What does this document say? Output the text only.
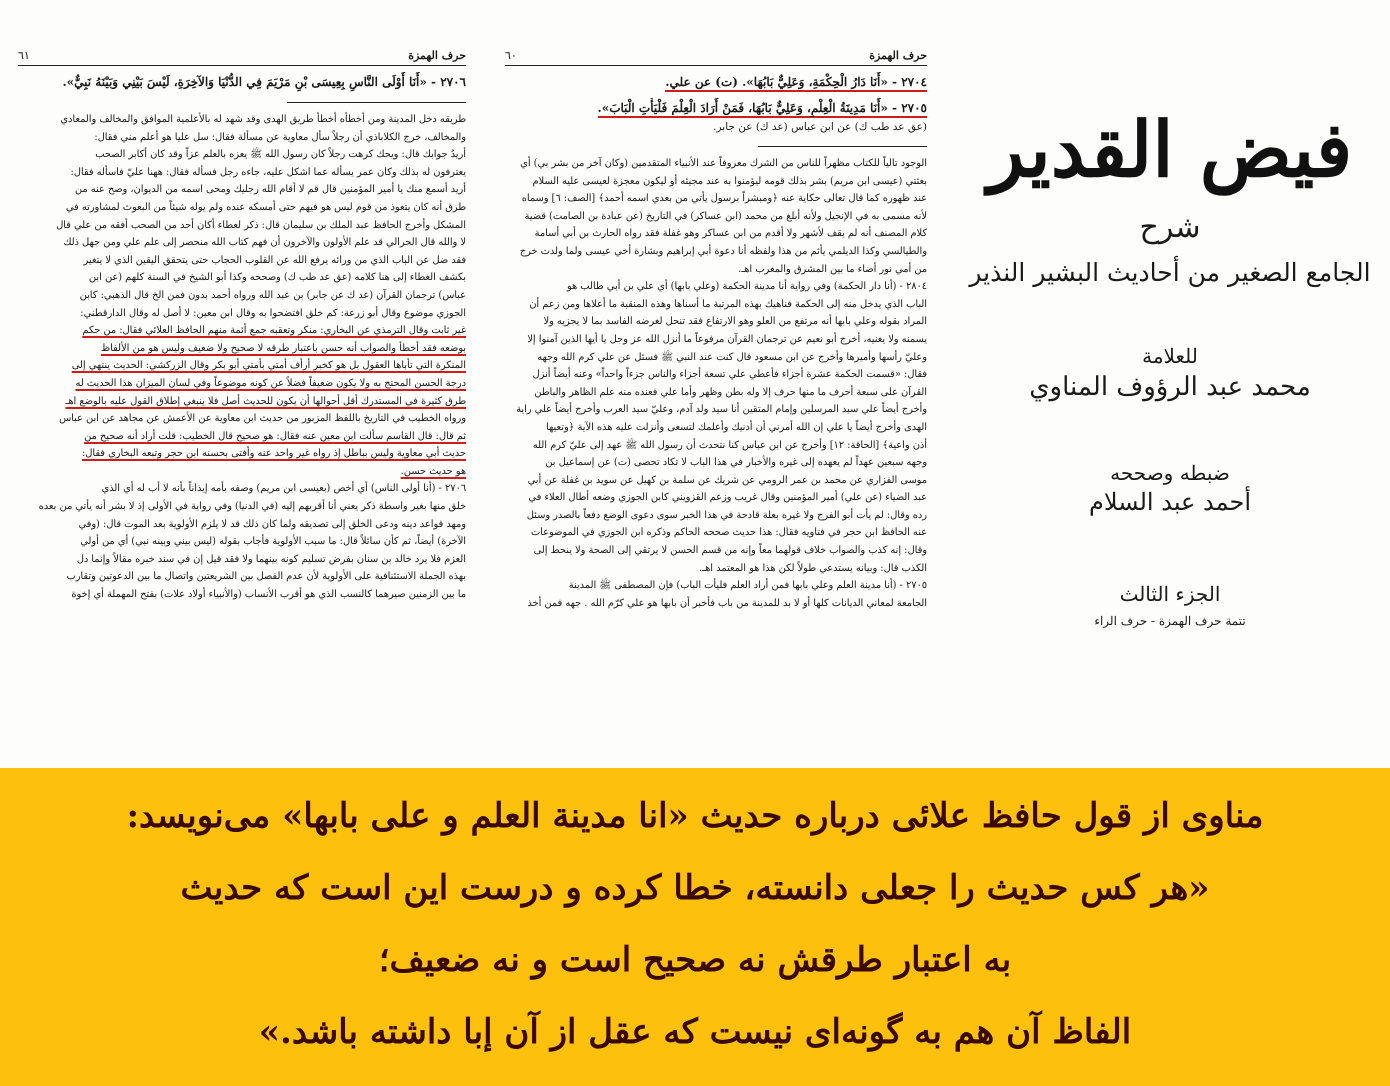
حرف الهمزة
٦١
٢٧٠٦ - «أَنَا أَوْلَى النَّاسِ بِعِيسَى بْنِ مَرْيَمَ فِي الدُّنْيَا وَالآخِرَةِ، لَيْسَ بَيْنِي وَبَيْنَهُ نَبِيٌّ».
طريقه دخل المدينة ومن أخطأه أخطأ طريق الهدى وقد شهد له بالأعلمية الموافق والمخالف والمعادي
والمخالف، خرج الكلاباذي أن رجلاً سأل معاوية عن مسألة فقال: سل عليا هو أعلم مني فقال:
أريدُ جوابك قال: ويحك كرهت رجلاً كان رسول الله ﷺ يعزه بالعلم عزاً وقد كان أكابر الصحب
يعترفون له بذلك وكان عمر يسأله عما اشكل عليه، جاءه رجل فسأله فقال: ههنا عليّ فاسأله فقال:
أريد أسمع منك يا أمير المؤمنين قال قم لا أقام الله رجليك ومحى اسمه من الديوان، وصح عنه من
طرق أنه كان يتعوذ من قوم ليس هو فيهم حتى أمسكه عنده ولم يوله شيئاً من البعوث لمشاورته في
المشكل وأخرج الحافظ عبد الملك بن سليمان قال: ذكر لعطاء أكان أحد من الصحب أفقه من علي قال
لا والله قال الحرالي قد علم الأولون والآخرون أن فهم كتاب الله منحصر إلى علم علي ومن جهل ذلك
فقد ضل عن الباب الذي من ورائه يرفع الله عن القلوب الحجاب حتى يتحقق اليقين الذي لا يتغير
بكشف الغطاء إلى هنا كلامه (عق عد طب ك) وصححه وكذا أبو الشيخ في السنة كلهم (عن ابن
عباس) ترجمان القرآن (عد ك عن جابر) بن عبد الله ورواه أحمد بدون فمن الخ قال الذهبي: كابن
الجوزي موضوع وقال أبو زرعة: كم خلق افتضحوا به وقال ابن معين: لا أصل له وقال الدارقطني:
غير ثابت وقال الترمذي عن البخاري: منكر وتعقبه جمع أئمة منهم الحافظ العلائي فقال: من حكم
بوضعه فقد أخطأ والصواب أنه حسن باعتبار طرقه لا صحيح ولا ضعيف وليس هو من الألفاظ
المنكرة التي تأباها العقول بل هو كخبر أرأف أمتي بأمتي أبو بكر وقال الزركشي: الحديث ينتهي إلى
درجة الحسن المحتج به ولا يكون ضعيفاً فضلاً عن كونه موضوعاً وفي لسان الميزان هذا الحديث له
طرق كثيرة في المستدرك أقل أحوالها أن يكون للحديث أصل فلا ينبغي إطلاق القول عليه بالوضع اهـ
ورواه الخطيب في التاريخ باللفظ المزبور من حديث ابن معاوية عن الأعمش عن مجاهد عن ابن عباس
ثم قال: قال القاسم سألت ابن معين عنه فقال: هو صحيح قال الخطيب: قلت أراد أنه صحيح من
حديث أبي معاوية وليس بباطل إذ رواه غير واحد عنه وأفتى بحسنه ابن حجر وتبعه البخاري فقال:
هو حديث حسن.
٢٧٠٦ - (أنا أولى الناس) أي أخص (بعيسى ابن مريم) وصفه بأمه إيذاناً بأنه لا أب له أي الذي
خلق منها بغير واسطة ذكر يعني أنا أقربهم إليه (في الدنيا) وفي رواية في الأولى إذ لا بشر أنه يأتي من بعده
ومهد قواعد دينه ودعى الخلق إلى تصديقه ولما كان ذلك قد لا يلزم الأولوية بعد الموت قال: (وفي
الآخرة) أيضاً، ثم كأن سائلاً قال: ما سبب الأولوية فأجاب بقوله (ليس بيني وبينه نبي) أي من أولي
العزم فلا يرد خالد بن سنان بفرض تسليم كونه بينهما ولا فقد قيل إن في سند خبره مقالاً وإنما دل
بهذه الجملة الاستئنافية على الأولوية لأن عدم الفصل بين الشريعتين واتصال ما بين الدعوتين وتقارب
ما بين الزمنين صيرهما كالنسب الذي هو أقرب الأنساب (والأنبياء أولاد علات) بفتح المهملة أي إخوة
حرف الهمزة
٦٠
٢٧٠٤ - «أَنَا دَارُ الْحِكْمَةِ، وَعَلِيٌّ بَابُهَا». (ت) عن علي.
٢٧٠٥ - «أَنَا مَدِينَةُ الْعِلْمِ، وَعَلِيٌّ بَابُهَا، فَمَنْ أَرَادَ الْعِلْمَ فَلْيَأْتِ الْبَابَ».
(عق عد طب ك) عن ابن عباس (عد ك) عن جابر.
الوجود تالياً للكتاب مظهراً للناس من الشرك معروفاً عند الأنبياء المتقدمين (وكان آخر من بشر بي) أي
بعثتي (عيسى ابن مريم) بشر بذلك قومه ليؤمنوا به عند مجيئه أو ليكون معجزة لعيسى عليه السلام
عند ظهوره كما قال تعالى حكاية عنه ﴿ومبشراً برسول يأتي من بعدي اسمه أحمد﴾ [الصف: ٦] وسماه
لأنه مسمى به في الإنجيل ولأنه أبلغ من محمد (ابن عساكر) في التاريخ (عن عبادة بن الصامت) قضية
كلام المصنف أنه لم يقف لأشهر ولا أقدم من ابن عساكر وهو غفلة فقد رواه الحارث بن أبي أسامة
والطيالسي وكذا الديلمي يأثم من هذا ولفظه أنا دعوة أبي إبراهيم وبشارة أخي عيسى ولما ولدت خرج
من أمي نور أضاء ما بين المشرق والمغرب اهـ.
٢٨٠٤ - (أنا دار الحكمة) وفي رواية أنا مدينة الحكمة (وعلي بابها) أي علي بن أبي طالب هو
الباب الذي يدخل منه إلى الحكمة فناهيك بهذه المرتبة ما أسناها وهذه المنقبة ما أعلاها ومن زعم أن
المراد بقوله وعلي بابها أنه مرتفع من العلو وهو الارتفاع فقد تنحل لغرضه الفاسد بما لا يجزيه ولا
يسمنه ولا يغنيه، أخرج أبو نعيم عن ترجمان القرآن مرفوعاً ما أنزل الله عز وجل يا أيها الذين آمنوا إلا
وعليّ رأسها وأميرها وأخرج عن ابن مسعود قال كنت عند النبي ﷺ فسئل عن علي كرم الله وجهه
فقال: «قسمت الحكمة عشرة أجزاء فأعطي علي تسعة أجزاء والناس جزءاً واحداً» وعنه أيضاً أنزل
القرآن على سبعة أحرف ما منها حرف إلا وله بطن وظهر وأما علي فعنده منه علم الظاهر والباطن
وأخرج أيضاً علي سيد المرسلين وإمام المتقين أنا سيد ولد آدم، وعليّ سيد العرب وأخرج أيضاً علي راية
الهدى وأخرج أيضاً يا علي إن الله أمرني أن أدنيك وأعلمك لتسعى وأنزلت عليه هذه الآية ﴿وتعيها
أذن واعية﴾ [الحاقة: ١٢] وأخرج عن ابن عباس كنا نتحدث أن رسول الله ﷺ عهد إلى عليّ كرم الله
وجهه سبعين عهداً لم يعهده إلى غيره والأخبار في هذا الباب لا تكاد تحصى (ت) عن إسماعيل بن
موسى الفزاري عن محمد بن عمر الرومي عن شريك عن سلمة بن كهيل عن سويد بن غفلة عن أبي
عبد الضياء (عن علي) أمير المؤمنين وقال غريب وزعم القزويني كابن الجوزي وضعه أطال العلاء في
رده وقال: لم يأت أبو الفرج ولا غيره بعلة قادحة في هذا الخبر سوى دعوى الوضع دفعاً بالصدر وسئل
عنه الحافظ ابن حجر في فتاويه فقال: هذا حديث صححه الحاكم وذكره ابن الجوزي في الموضوعات
وقال: إنه كذب والصواب خلاف قولهما معاً وإنه من قسم الحسن لا يرتقي إلى الصحة ولا ينحط إلى
الكذب قال: وبيانه يستدعي طولاً لكن هذا هو المعتمد اهـ.
٢٧٠٥ - (أنا مدينة العلم وعلي بابها فمن أراد العلم فليأت الباب) فإن المصطفى ﷺ المدينة
الجامعة لمعاني الديانات كلها أو لا بد للمدينة من باب فأخبر أن بابها هو علي كرّم الله . جهه فمن أخذ
فيض القدير
شرح
الجامع الصغير من أحاديث البشير النذير
للعلامة
محمد عبد الرؤوف المناوي
ضبطه وصححه
أحمد عبد السلام
الجزء الثالث
تتمة حرف الهمزة - حرف الراء
مناوی از قول حافظ علائی درباره حدیث «انا مدینة العلم و علی بابها» می‌نویسد:
«هر کس حدیث را جعلی دانسته، خطا کرده و درست این است که حدیث
به اعتبار طرقش نه صحیح است و نه ضعیف؛
الفاظ آن هم به گونه‌ای نیست که عقل از آن إبا داشته باشد.»
